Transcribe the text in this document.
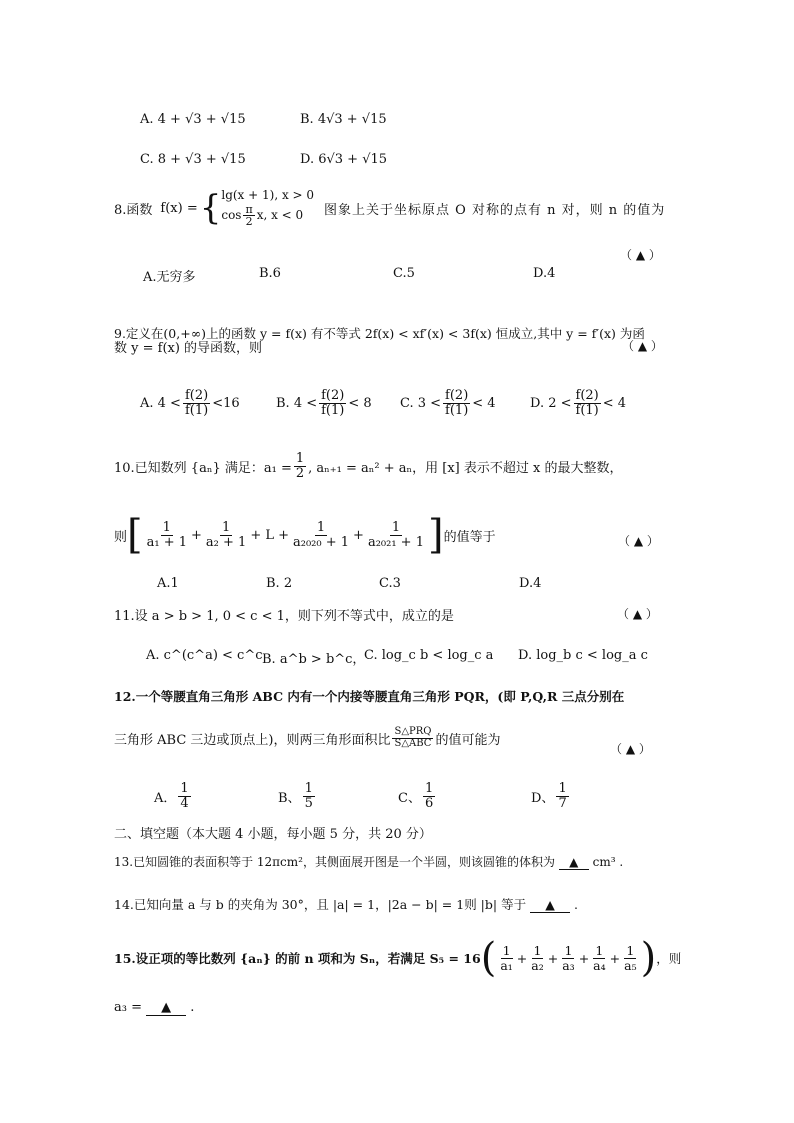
A. 4 + √3 + √15	B. 4√3 + √15
C. 8 + √3 + √15	D. 6√3 + √15
8.函数 f(x) = { lg(x + 1), x > 0
$\cos \frac{\pi}{2} x$, x < 0 图象上关于坐标原点 O 对称的点有 n 对，则 n 的值为
（ ▲ ）
A.无穷多	B.6	C.5	D.4
9.定义在(0,+∞)上的函数 y = f(x) 有不等式 2f(x) < xf′(x) < 3f(x) 恒成立,其中 y = f′(x) 为函
数 y = f(x) 的导函数，则	（ ▲ ）
A. $4 < \frac{f(2)}{f(1)} <16$	B. $4 < \frac{f(2)}{f(1)} < 8$ C. $3 < \frac{f(2)}{f(1)} < 4$	D. $2 < \frac{f(2)}{f(1)} < 4$
10.已知数列 {aₙ} 满足：$a_1 = \frac{1}{2}$ , aₙ₊₁ = aₙ² + aₙ，用 [x] 表示不超过 x 的最大整数，
则 [ $\frac{1}{\text{a₁ + 1}} + \frac{1}{\text{a₂ + 1}} + L + \frac{1}{\text{a₂₀₂₀ + 1}} + \frac{1}{\text{a₂₀₂₁ + 1}}$ ] 的值等于	（ ▲ ）
A.1	B. 2	C.3	D.4
11.设 a > b > 1, 0 < c < 1，则下列不等式中，成立的是	（ ▲ ）
A. c^(c^a) < c^c B. a^b > b^c，
C. log_c b < log_c a D. log_b c < log_a c
12.一个等腰直角三角形 ABC 内有一个内接等腰直角三角形 PQR，(即 P,Q,R 三点分别在
三角形 ABC 三边或顶点上)，则两三角形面积比 $\frac{\text{S△PRQ}}{\text{S△ABC}}$ 的值可能为
（ ▲ ）
A． $\frac{1}{4}$	B、 $\frac{1}{5}$	C、 $\frac{1}{6}$	D、 $\frac{1}{7}$
二、填空题（本大题 4 小题，每小题 5 分，共 20 分）
13.已知圆锥的表面积等于 12πcm²，其侧面展开图是一个半圆，则该圆锥的体积为 ▲ cm³ .
14.已知向量 a 与 b 的夹角为 30°，且 |a| = 1，|2a − b| = 1则 |b| 等于 ▲ .
15.设正项的等比数列 {aₙ} 的前 n 项和为 Sₙ，若满足 S₅ = 16 ( $\frac{1}{\text{a₁}} + \frac{1}{\text{a₂}} + \frac{1}{\text{a₃}} + \frac{1}{\text{a₄}} + \frac{1}{\text{a₅}}$ ) ，则
a₃ = ▲ .
